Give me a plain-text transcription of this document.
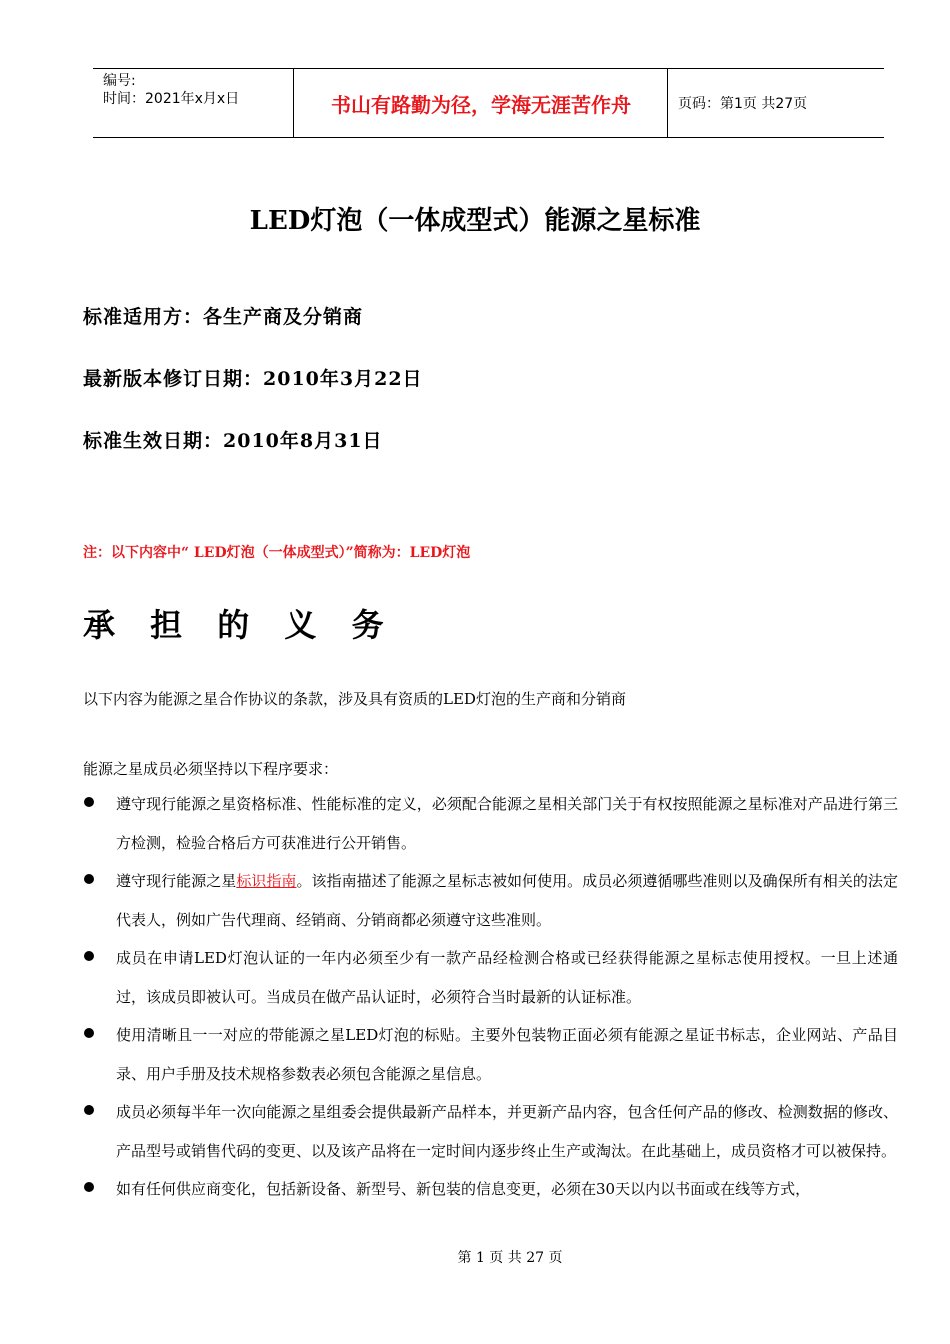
编号:
时间：2021年x月x日	书山有路勤为径，学海无涯苦作舟	页码：第1页 共27页
LED灯泡（一体成型式）能源之星标准
标准适用方：各生产商及分销商
最新版本修订日期：2010年3月22日
标准生效日期：2010年8月31日
注：以下内容中“ LED灯泡（一体成型式）”简称为：LED灯泡
承 担 的 义 务
以下内容为能源之星合作协议的条款，涉及具有资质的LED灯泡的生产商和分销商
能源之星成员必须坚持以下程序要求：
遵守现行能源之星资格标准、性能标准的定义，必须配合能源之星相关部门关于有权按照能源之星标准对产品进行第三方检测，检验合格后方可获准进行公开销售。
遵守现行能源之星标识指南。该指南描述了能源之星标志被如何使用。成员必须遵循哪些准则以及确保所有相关的法定代表人，例如广告代理商、经销商、分销商都必须遵守这些准则。
成员在申请LED灯泡认证的一年内必须至少有一款产品经检测合格或已经获得能源之星标志使用授权。一旦上述通过，该成员即被认可。当成员在做产品认证时，必须符合当时最新的认证标准。
使用清晰且一一对应的带能源之星LED灯泡的标贴。主要外包装物正面必须有能源之星证书标志，企业网站、产品目录、用户手册及技术规格参数表必须包含能源之星信息。
成员必须每半年一次向能源之星组委会提供最新产品样本，并更新产品内容，包含任何产品的修改、检测数据的修改、产品型号或销售代码的变更、以及该产品将在一定时间内逐步终止生产或淘汰。在此基础上，成员资格才可以被保持。
如有任何供应商变化，包括新设备、新型号、新包装的信息变更，必须在30天以内以书面或在线等方式，
第 1 页 共 27 页
